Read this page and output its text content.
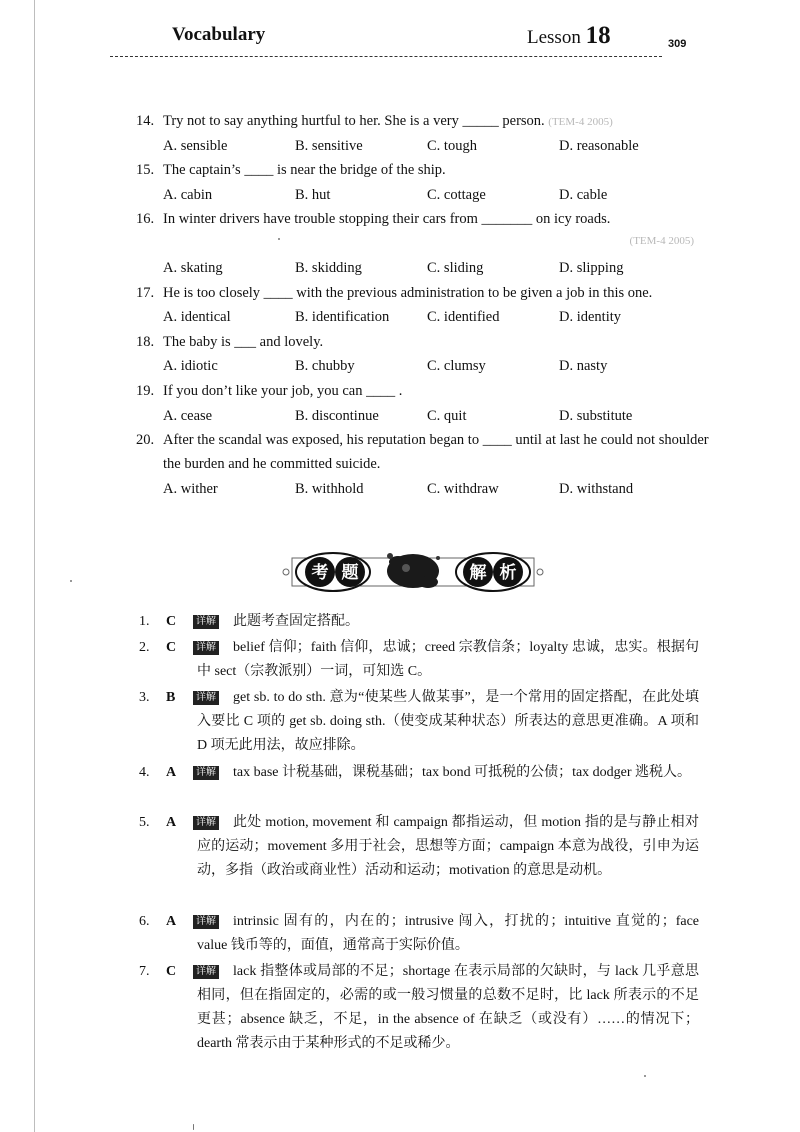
Vocabulary	Lesson 18	309
14. Try not to say anything hurtful to her. She is a very _____ person. (TEM-4 2005)
A. sensible	B. sensitive	C. tough	D. reasonable
15. The captain’s ____ is near the bridge of the ship.
A. cabin	B. hut	C. cottage	D. cable
16. In winter drivers have trouble stopping their cars from _______ on icy roads.
(TEM-4 2005)
A. skating	B. skidding	C. sliding	D. slipping
17. He is too closely ____ with the previous administration to be given a job in this one.
A. identical	B. identification	C. identified	D. identity
18. The baby is ___ and lovely.
A. idiotic	B. chubby	C. clumsy	D. nasty
19. If you don’t like your job, you can ____ .
A. cease	B. discontinue	C. quit	D. substitute
20. After the scandal was exposed, his reputation began to ____ until at last he could not shoulder the burden and he committed suicide.
A. wither	B. withhold	C. withdraw	D. withstand
考 题	解 析
1. C	详解	此题考查固定搭配。
2. C	详解	belief 信仰；faith 信仰，忠诚；creed 宗教信条；loyalty 忠诚，忠实。根据句中 sect（宗教派别）一词，可知选 C。
3. B	详解	get sb. to do sth. 意为“使某些人做某事”，是一个常用的固定搭配，在此处填入要比 C 项的 get sb. doing sth.（使变成某种状态）所表达的意思更准确。A 项和 D 项无此用法，故应排除。
4. A	详解	tax base 计税基础，课税基础；tax bond 可抵税的公债；tax dodger 逃税人。
5. A	详解	此处 motion, movement 和 campaign 都指运动，但 motion 指的是与静止相对应的运动；movement 多用于社会，思想等方面；campaign 本意为战役，引申为运动，多指（政治或商业性）活动和运动；motivation 的意思是动机。
6. A	详解	intrinsic 固有的，内在的；intrusive 闯入，打扰的；intuitive 直觉的；face value 钱币等的，面值，通常高于实际价值。
7. C	详解	lack 指整体或局部的不足；shortage 在表示局部的欠缺时，与 lack 几乎意思相同，但在指固定的，必需的或一般习惯量的总数不足时，比 lack 所表示的不足更甚；absence 缺乏，不足，in the absence of 在缺乏（或没有）……的情况下；dearth 常表示由于某种形式的不足或稀少。
